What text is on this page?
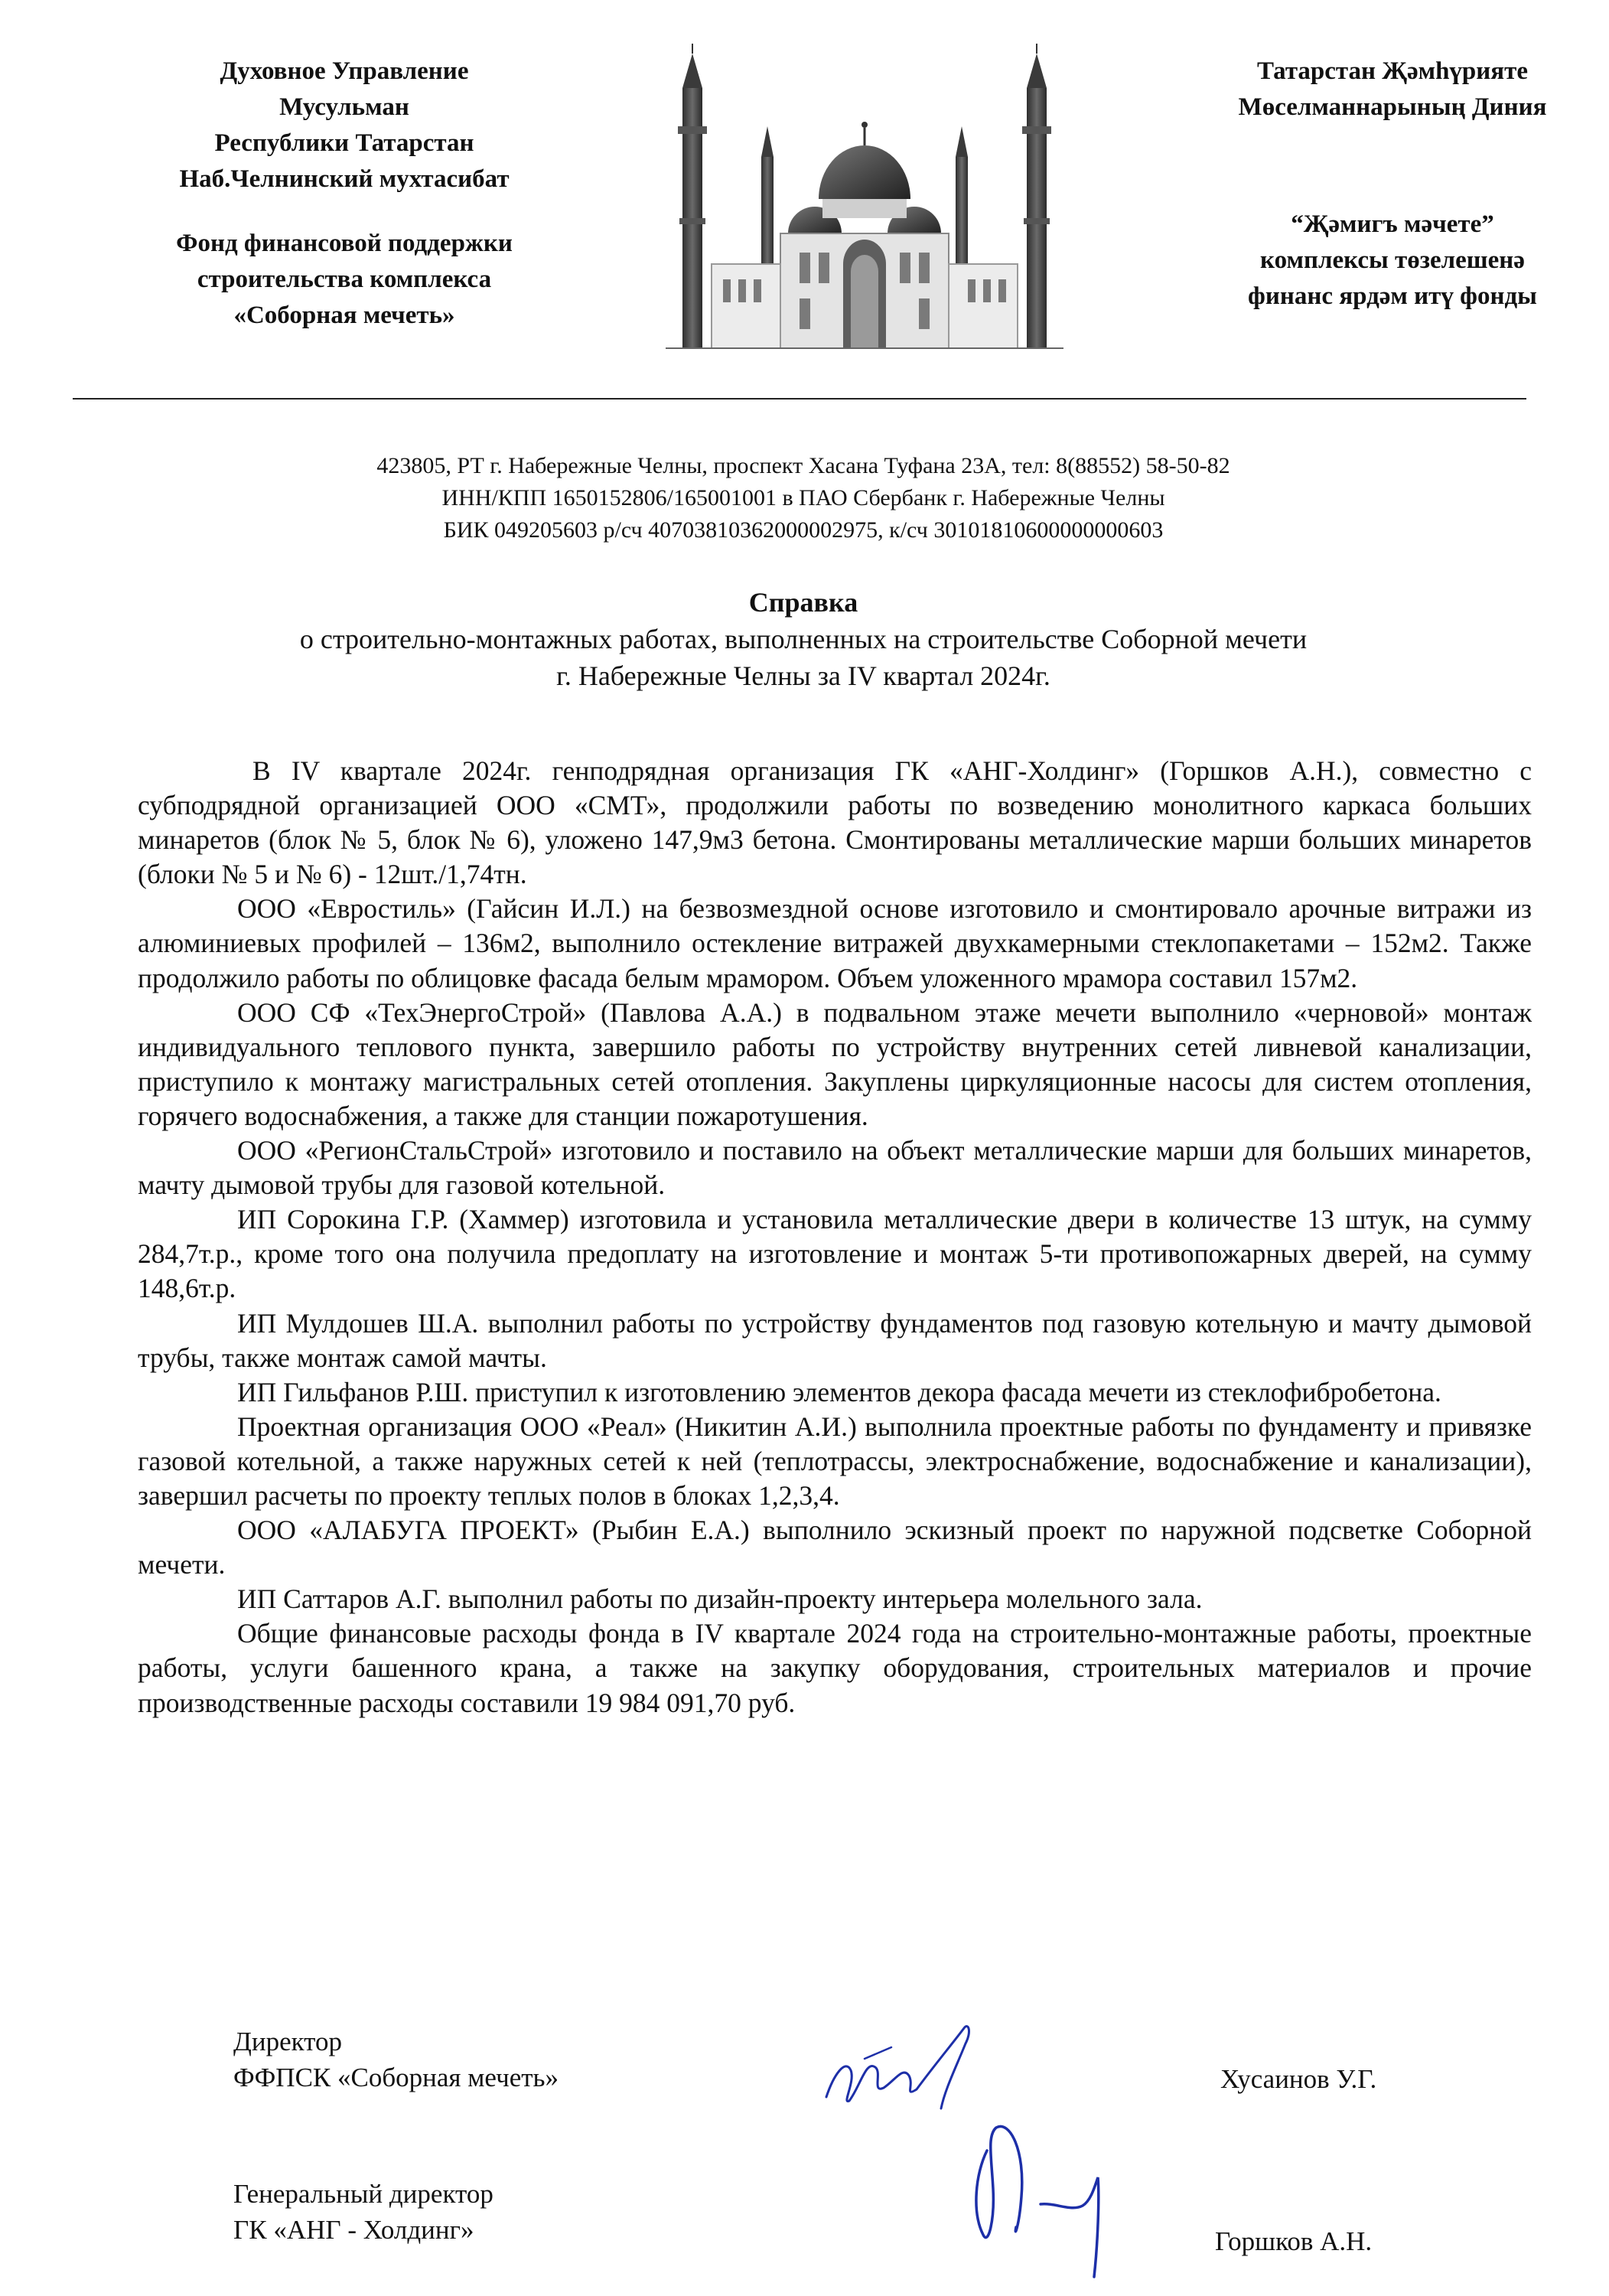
Духовное Управление
Мусульман
Республики Татарстан
Наб.Челнинский мухтасибат
Фонд финансовой поддержки
строительства комплекса
«Соборная мечеть»
Татарстан Җәмһүрияте
Мөселманнарының Диния
“Җәмигъ мәчете”
комплексы төзелешенә
финанс ярдәм итү фонды
423805, РТ г. Набережные Челны, проспект Хасана Туфана 23А, тел: 8(88552) 58-50-82
ИНН/КПП 1650152806/165001001 в ПАО Сбербанк г. Набережные Челны
БИК 049205603 р/сч 40703810362000002975, к/сч 30101810600000000603
Справка
о строительно-монтажных работах, выполненных на строительстве Соборной мечети
г. Набережные Челны за IV квартал 2024г.

В IV квартале 2024г. генподрядная организация ГК «АНГ-Холдинг» (Горшков А.Н.), совместно с субподрядной организацией ООО «СМТ», продолжили работы по возведению монолитного каркаса больших минаретов (блок № 5, блок № 6), уложено 147,9м3 бетона. Смонтированы металлические марши больших минаретов (блоки № 5 и № 6) - 12шт./1,74тн.

ООО «Евростиль» (Гайсин И.Л.) на безвозмездной основе изготовило и смонтировало арочные витражи из алюминиевых профилей – 136м2, выполнило остекление витражей двухкамерными стеклопакетами – 152м2. Также продолжило работы по облицовке фасада белым мрамором. Объем уложенного мрамора составил 157м2.

ООО СФ «ТехЭнергоСтрой» (Павлова А.А.) в подвальном этаже мечети выполнило «черновой» монтаж индивидуального теплового пункта, завершило работы по устройству внутренних сетей ливневой канализации, приступило к монтажу магистральных сетей отопления. Закуплены циркуляционные насосы для систем отопления, горячего водоснабжения, а также для станции пожаротушения.

ООО «РегионСтальСтрой» изготовило и поставило на объект металлические марши для больших минаретов, мачту дымовой трубы для газовой котельной.

ИП Сорокина Г.Р. (Хаммер) изготовила и установила металлические двери в количестве 13 штук, на сумму 284,7т.р., кроме того она получила предоплату на изготовление и монтаж 5-ти противопожарных дверей, на сумму 148,6т.р.

ИП Мулдошев Ш.А. выполнил работы по устройству фундаментов под газовую котельную и мачту дымовой трубы, также монтаж самой мачты.

ИП Гильфанов Р.Ш. приступил к изготовлению элементов декора фасада мечети из стеклофибробетона.

Проектная организация ООО «Реал» (Никитин А.И.) выполнила проектные работы по фундаменту и привязке газовой котельной, а также наружных сетей к ней (теплотрассы, электроснабжение, водоснабжение и канализации), завершил расчеты по проекту теплых полов в блоках 1,2,3,4.

ООО «АЛАБУГА ПРОЕКТ» (Рыбин Е.А.) выполнило эскизный проект по наружной подсветке Соборной мечети.

ИП Саттаров А.Г. выполнил работы по дизайн-проекту интерьера молельного зала.

Общие финансовые расходы фонда в IV квартале 2024 года на строительно-монтажные работы, проектные работы, услуги башенного крана, а также на закупку оборудования, строительных материалов и прочие производственные расходы составили 19 984 091,70 руб.

Директор
ФФПСК «Соборная мечеть»	Хусаинов У.Г.
Генеральный директор
ГК «АНГ - Холдинг»	Горшков А.Н.
